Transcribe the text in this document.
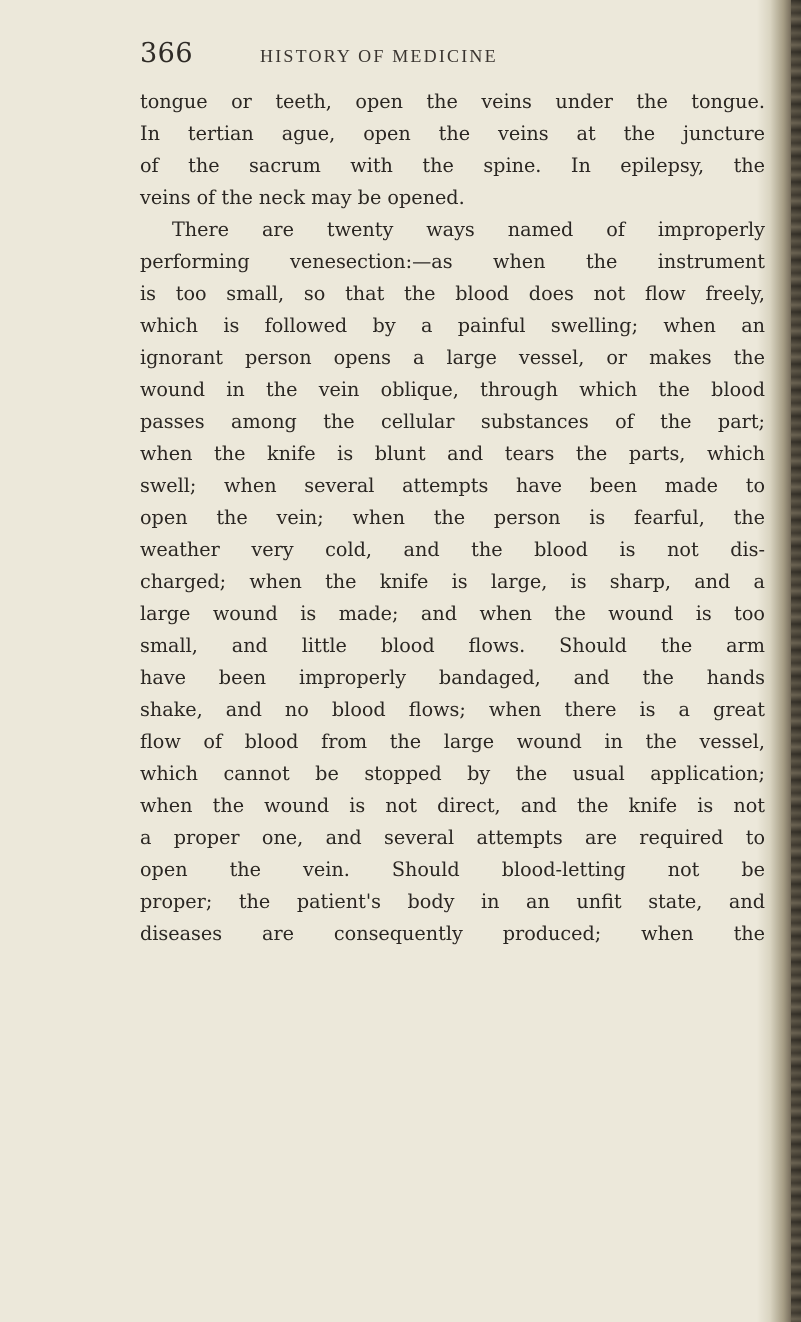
366	HISTORY OF MEDICINE
tongue or teeth, open the veins under the tongue.
In tertian ague, open the veins at the juncture
of the sacrum with the spine. In epilepsy, the
veins of the neck may be opened.
There are twenty ways named of improperly
performing venesection:—as when the instrument
is too small, so that the blood does not flow freely,
which is followed by a painful swelling; when an
ignorant person opens a large vessel, or makes the
wound in the vein oblique, through which the blood
passes among the cellular substances of the part;
when the knife is blunt and tears the parts, which
swell; when several attempts have been made to
open the vein; when the person is fearful, the
weather very cold, and the blood is not dis-
charged; when the knife is large, is sharp, and a
large wound is made; and when the wound is too
small, and little blood flows. Should the arm
have been improperly bandaged, and the hands
shake, and no blood flows; when there is a great
flow of blood from the large wound in the vessel,
which cannot be stopped by the usual application;
when the wound is not direct, and the knife is not
a proper one, and several attempts are required to
open the vein. Should blood-letting not be
proper; the patient's body in an unfit state, and
diseases are consequently produced; when the
